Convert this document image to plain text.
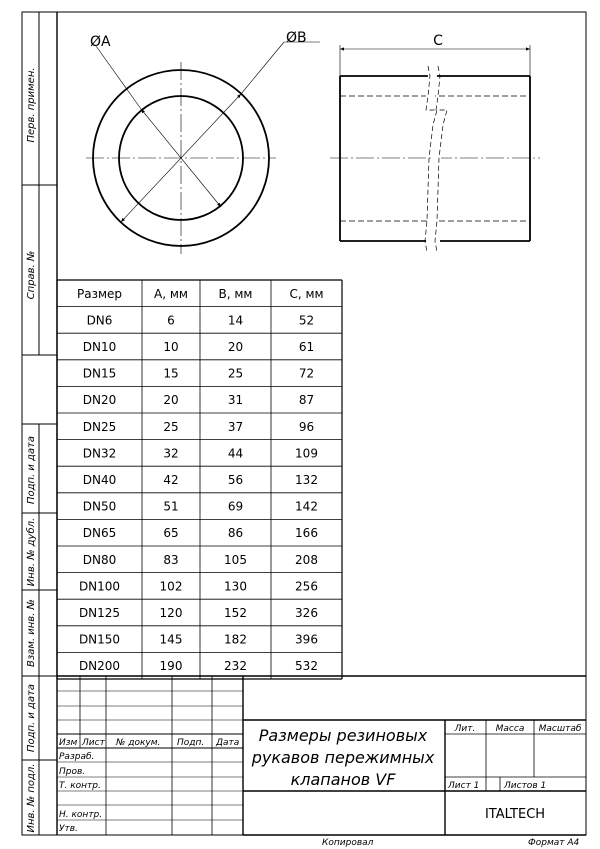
Перв. примен.
Справ. №
Подп. и дата
Инв. № дубл.
Взам. инв. №
Подп. и дата
Инв. № подл.
ØA	ØB	C
Размер	A, мм	B, мм	C, мм
DN6	6	14	52
DN10	10	20	61
DN15	15	25	72
DN20	20	31	87
DN25	25	37	96
DN32	32	44	109
DN40	42	56	132
DN50	51	69	142
DN65	65	86	166
DN80	83	105	208
DN100	102	130	256
DN125	120	152	326
DN150	145	182	396
DN200	190	232	532
Изм Лист № докум. Подп. Дата
Разраб.
Пров.
Т. контр.
Н. контр.
Утв.
Размеры резиновых
рукавов пережимных
клапанов VF
Лит. Масса Масштаб
Лист 1	Листов 1
ITALTECH
Копировал	Формат A4
